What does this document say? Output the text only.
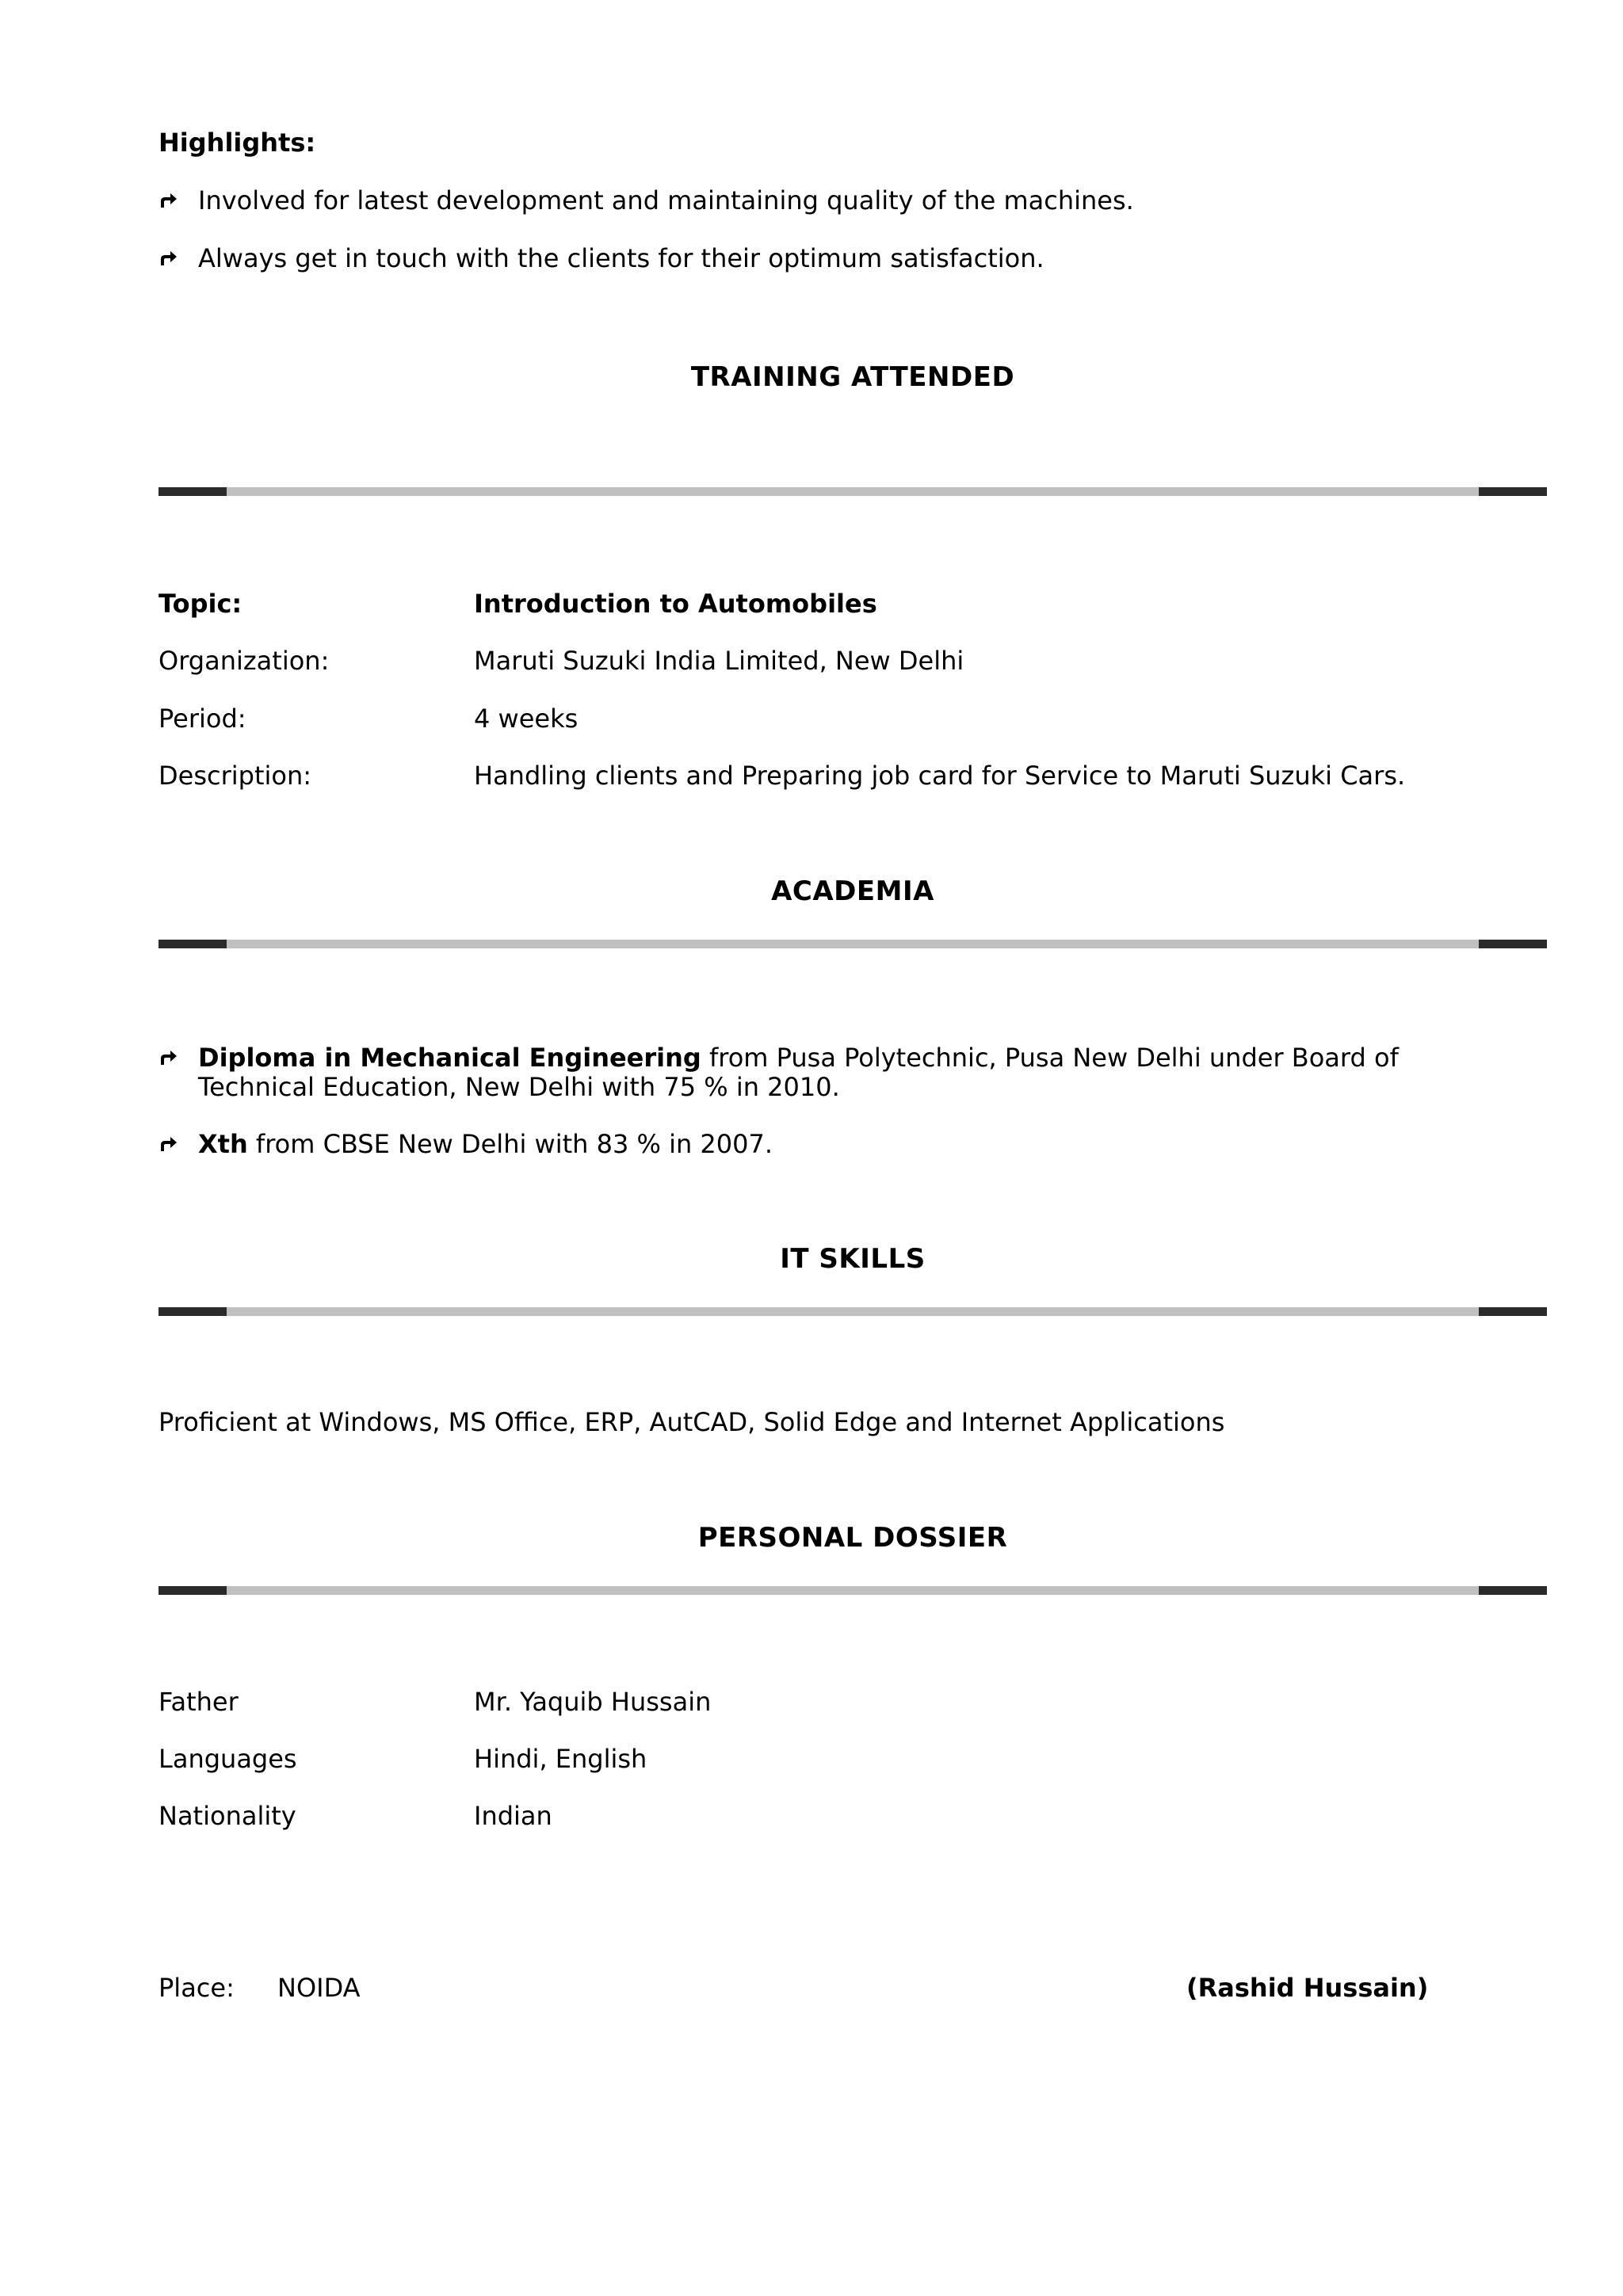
Highlights:
Involved for latest development and maintaining quality of the machines.
Always get in touch with the clients for their optimum satisfaction.
TRAINING ATTENDED
Topic:	Introduction to Automobiles
Organization:	Maruti Suzuki India Limited, New Delhi
Period:	4 weeks
Description:	Handling clients and Preparing job card for Service to Maruti Suzuki Cars.
ACADEMIA
Diploma in Mechanical Engineering from Pusa Polytechnic, Pusa New Delhi under Board of
Technical Education, New Delhi with 75 % in 2010.
Xth from CBSE New Delhi with 83 % in 2007.
IT SKILLS
Proficient at Windows, MS Office, ERP, AutCAD, Solid Edge and Internet Applications
PERSONAL DOSSIER
Father	Mr. Yaquib Hussain
Languages	Hindi, English
Nationality	Indian
Place: NOIDA	(Rashid Hussain)
